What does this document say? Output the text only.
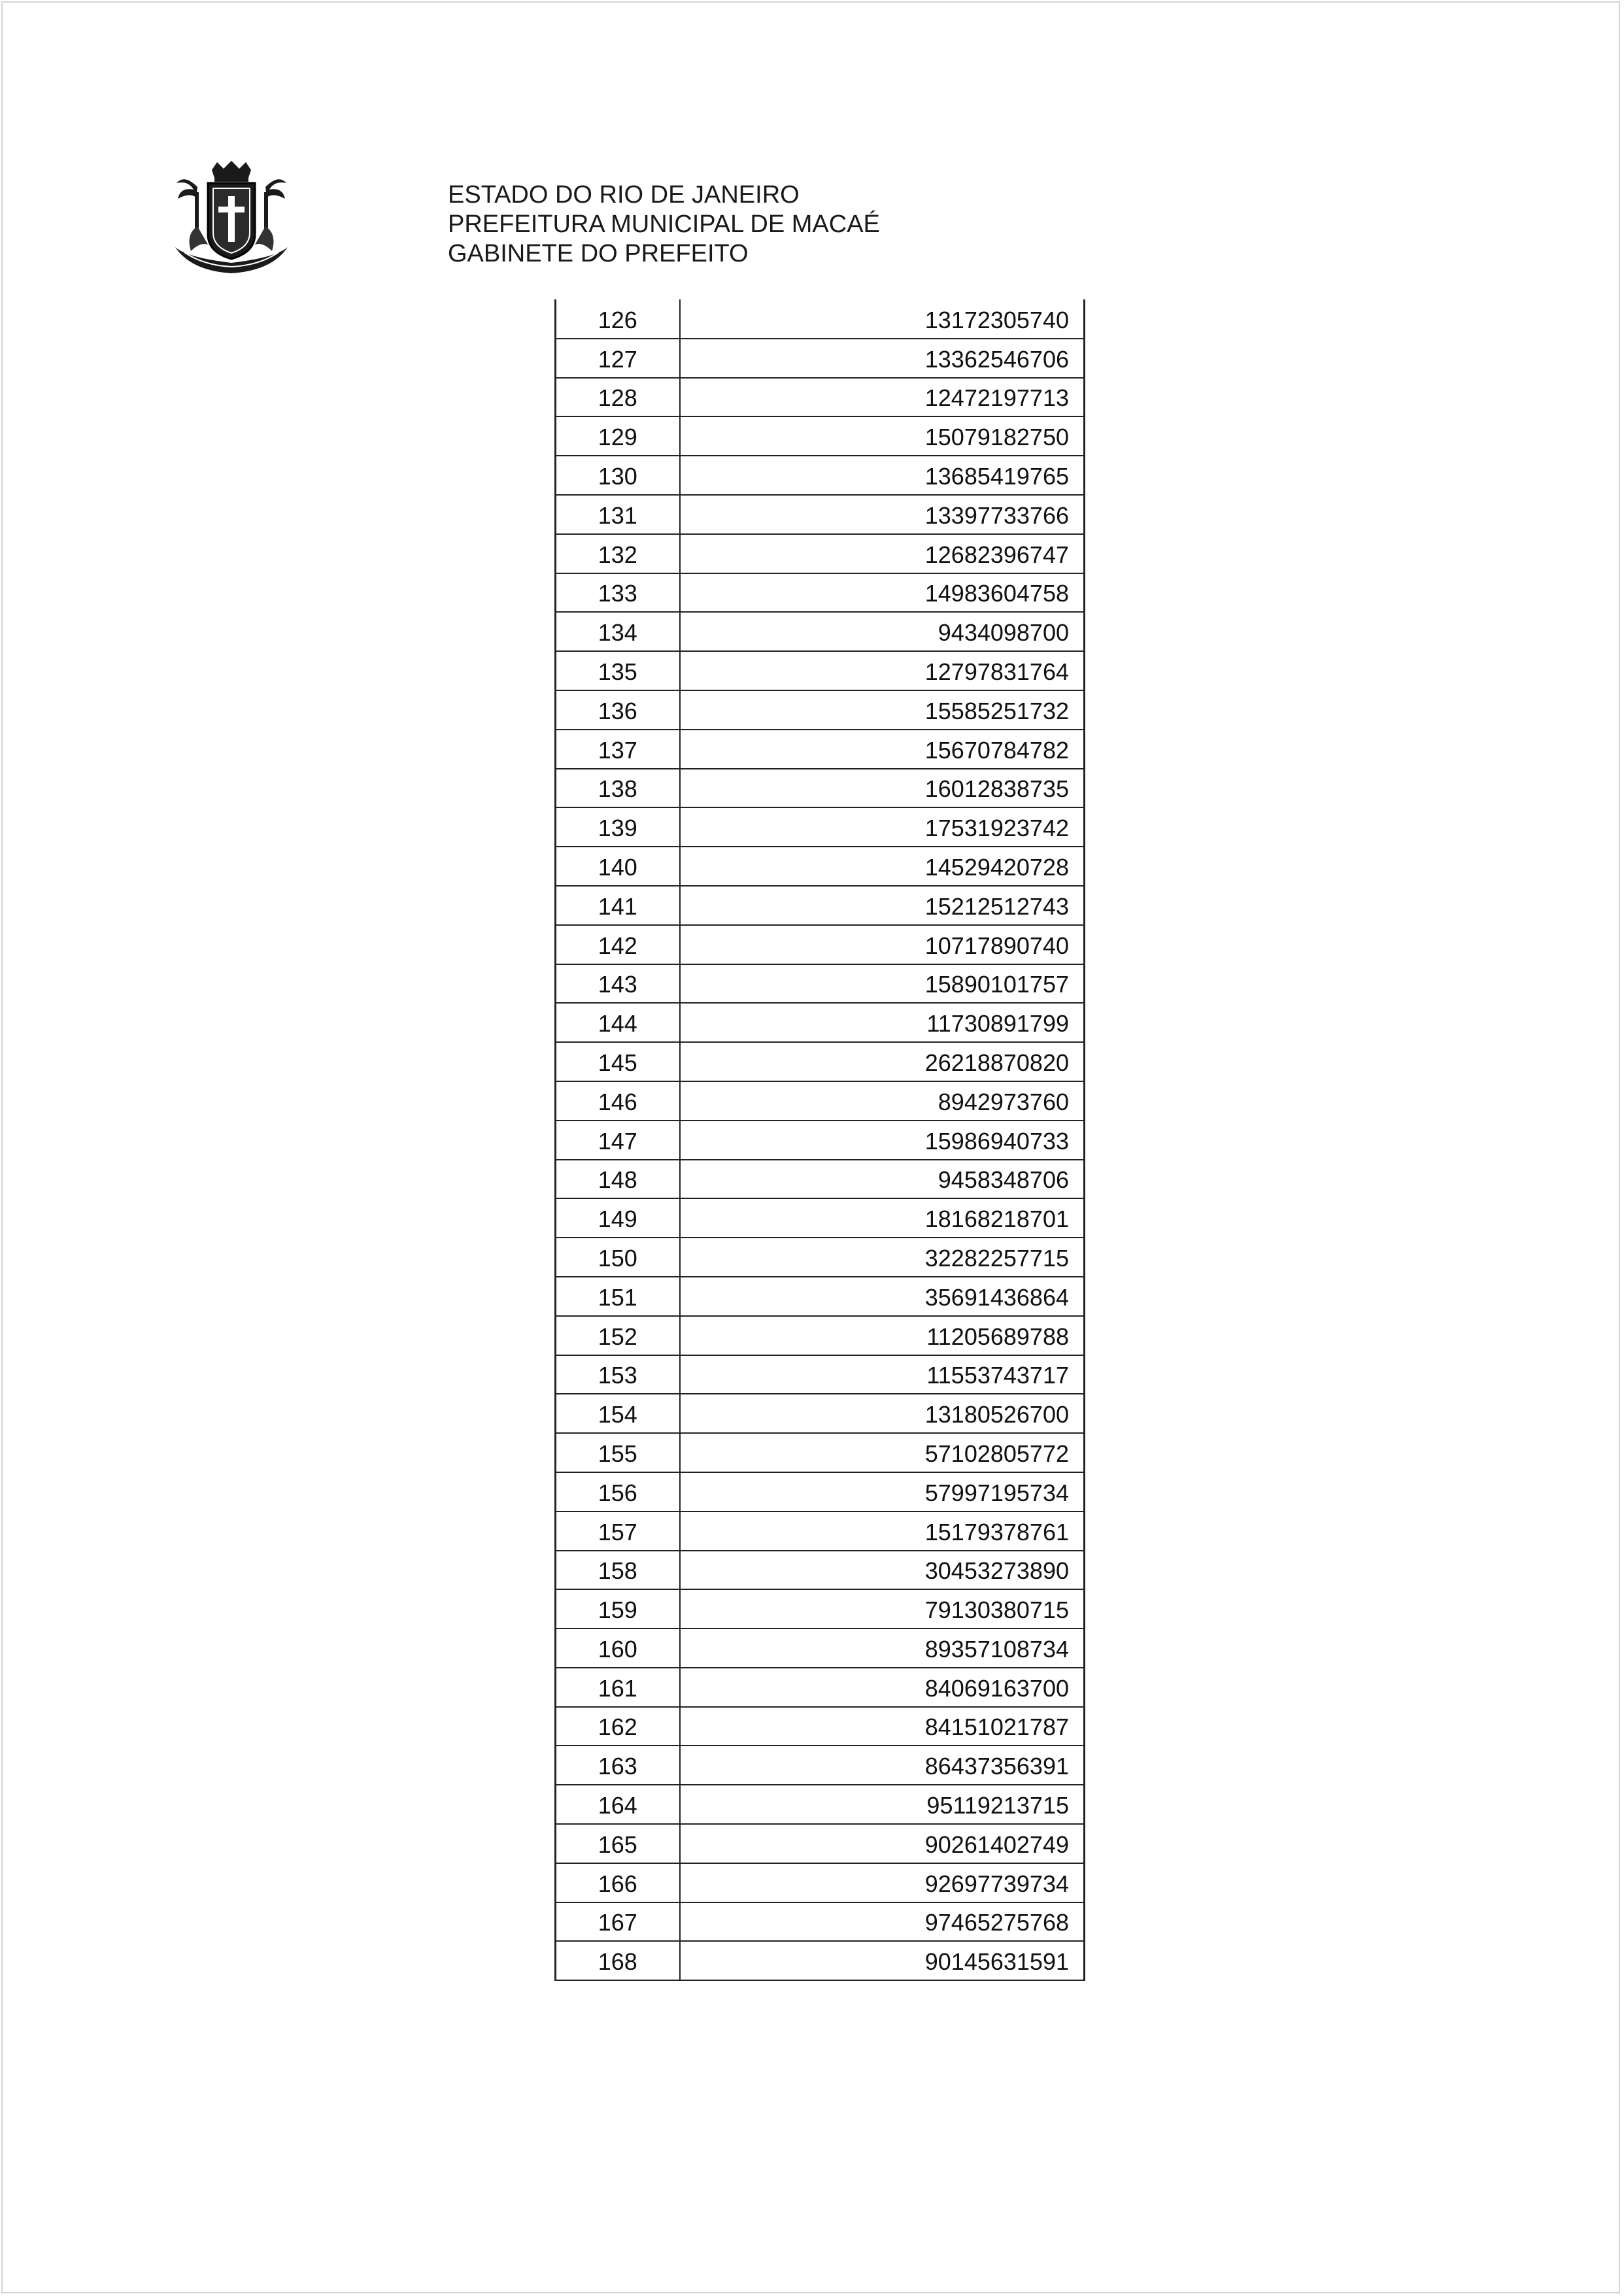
ESTADO DO RIO DE JANEIRO
PREFEITURA MUNICIPAL DE MACAÉ
GABINETE DO PREFEITO
126	13172305740
127	13362546706
128	12472197713
129	15079182750
130	13685419765
131	13397733766
132	12682396747
133	14983604758
134	9434098700
135	12797831764
136	15585251732
137	15670784782
138	16012838735
139	17531923742
140	14529420728
141	15212512743
142	10717890740
143	15890101757
144	11730891799
145	26218870820
146	8942973760
147	15986940733
148	9458348706
149	18168218701
150	32282257715
151	35691436864
152	11205689788
153	11553743717
154	13180526700
155	57102805772
156	57997195734
157	15179378761
158	30453273890
159	79130380715
160	89357108734
161	84069163700
162	84151021787
163	86437356391
164	95119213715
165	90261402749
166	92697739734
167	97465275768
168	90145631591
